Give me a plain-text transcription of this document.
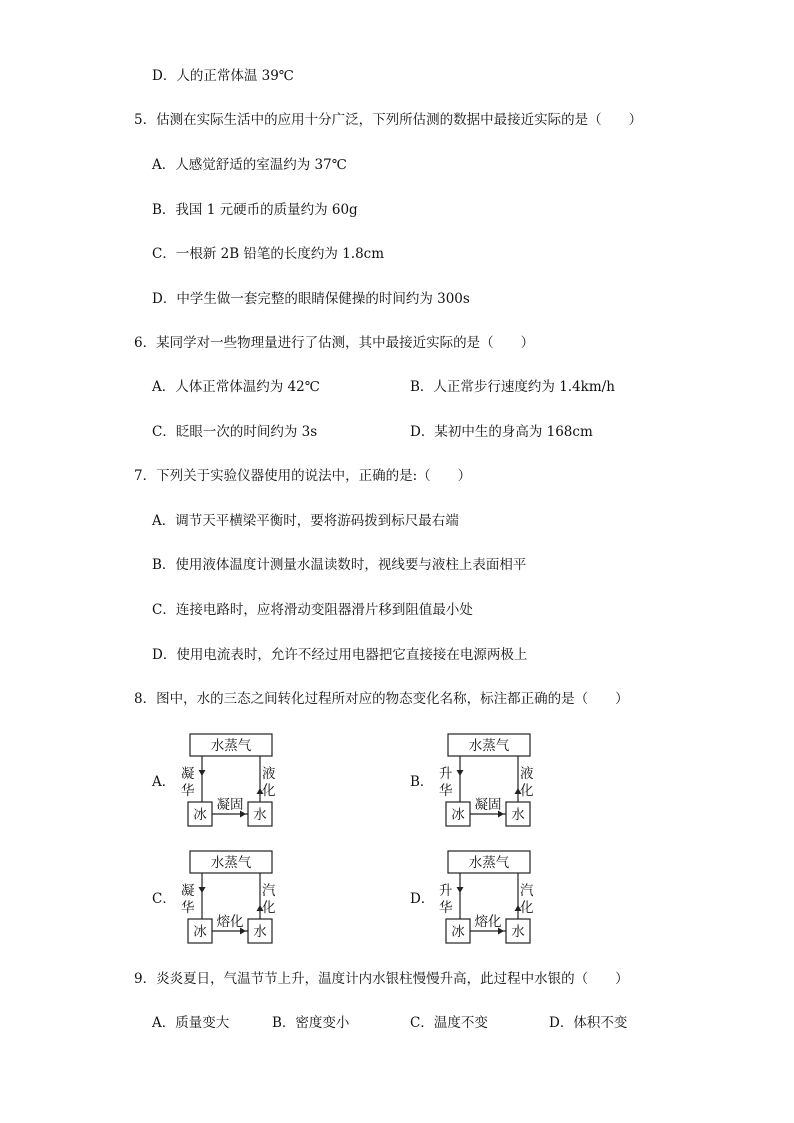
D．人的正常体温 39℃
5．估测在实际生活中的应用十分广泛，下列所估测的数据中最接近实际的是（　　）
A．人感觉舒适的室温约为 37℃
B．我国 1 元硬币的质量约为 60g
C．一根新 2B 铅笔的长度约为 1.8cm
D．中学生做一套完整的眼睛保健操的时间约为 300s
6．某同学对一些物理量进行了估测，其中最接近实际的是（　　）
A．人体正常体温约为 42℃	B．人正常步行速度约为 1.4km/h
C．眨眼一次的时间约为 3s	D．某初中生的身高为 168cm
7．下列关于实验仪器使用的说法中，正确的是:（　　）
A．调节天平横梁平衡时，要将游码拨到标尺最右端
B．使用液体温度计测量水温读数时，视线要与液柱上表面相平
C．连接电路时，应将滑动变阻器滑片移到阻值最小处
D．使用电流表时，允许不经过用电器把它直接接在电源两极上
8．图中，水的三态之间转化过程所对应的物态变化名称，标注都正确的是（　　）
A．
水蒸气
凝
华
液
化
冰	水
凝固
B．
水蒸气
升
华
液
化
冰	水
凝固
C．
水蒸气
凝
华
汽
化
冰	水
熔化
D．
水蒸气
升
华
汽
化
冰	水
熔化
9．炎炎夏日，气温节节上升，温度计内水银柱慢慢升高，此过程中水银的（　　）
A．质量变大	B．密度变小	C．温度不变	D．体积不变
